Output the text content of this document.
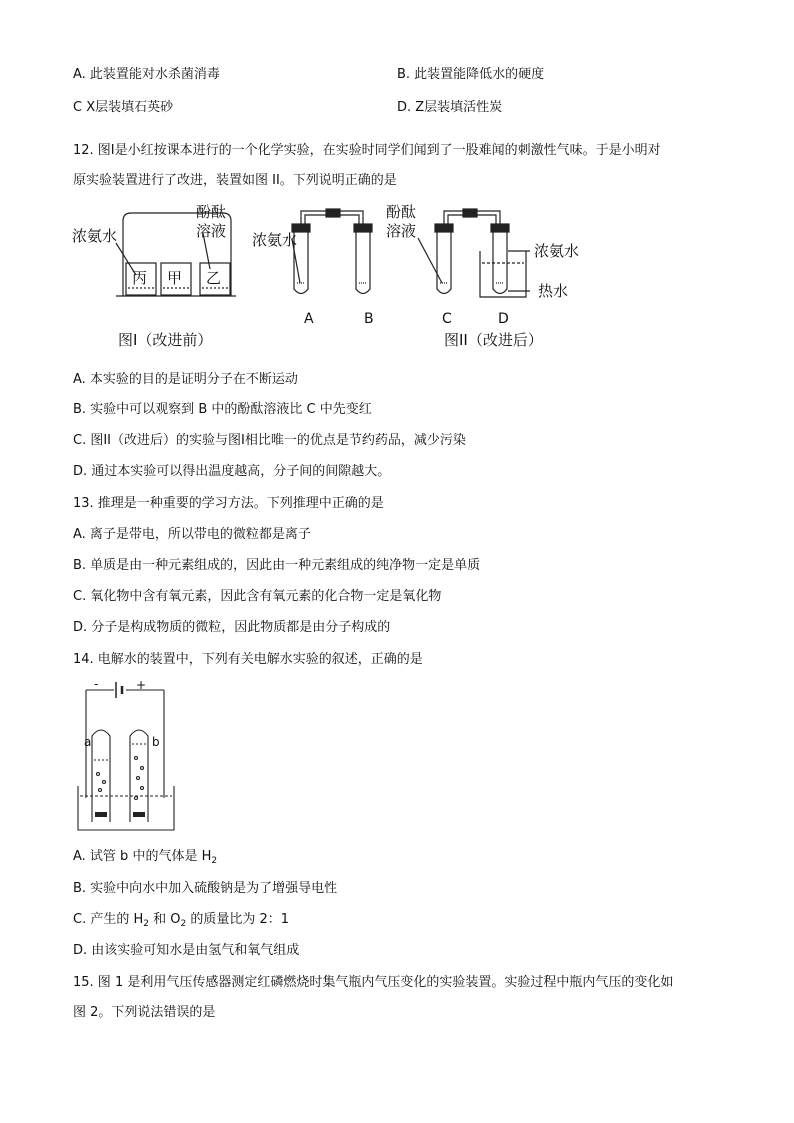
A. 此装置能对水杀菌消毒	B. 此装置能降低水的硬度
C X层装填石英砂	D. Z层装填活性炭
12. 图Ⅰ是小红按课本进行的一个化学实验，在实验时同学们闻到了一股难闻的刺激性气味。于是小明对
原实验装置进行了改进，装置如图 II。下列说明正确的是
浓氨水
酚酞
溶液
丙 甲 乙
图Ⅰ（改进前）
浓氨水
酚酞
溶液
浓氨水
热水
A	B	C	D
图II（改进后）
A. 本实验的目的是证明分子在不断运动
B. 实验中可以观察到 B 中的酚酞溶液比 C 中先变红
C. 图II（改进后）的实验与图Ⅰ相比唯一的优点是节约药品，减少污染
D. 通过本实验可以得出温度越高，分子间的间隙越大。
13. 推理是一种重要的学习方法。下列推理中正确的是
A. 离子是带电，所以带电的微粒都是离子
B. 单质是由一种元素组成的，因此由一种元素组成的纯净物一定是单质
C. 氧化物中含有氧元素，因此含有氧元素的化合物一定是氧化物
D. 分子是构成物质的微粒，因此物质都是由分子构成的
14. 电解水的装置中，下列有关电解水实验的叙述，正确的是
-	+
a	b
A. 试管 b 中的气体是 $H_2$
B. 实验中向水中加入硫酸钠是为了增强导电性
C. 产生的 $H_2$ 和 $O_2$ 的质量比为 2：1
D. 由该实验可知水是由氢气和氧气组成
15. 图 1 是利用气压传感器测定红磷燃烧时集气瓶内气压变化的实验装置。实验过程中瓶内气压的变化如
图 2。下列说法错误的是
